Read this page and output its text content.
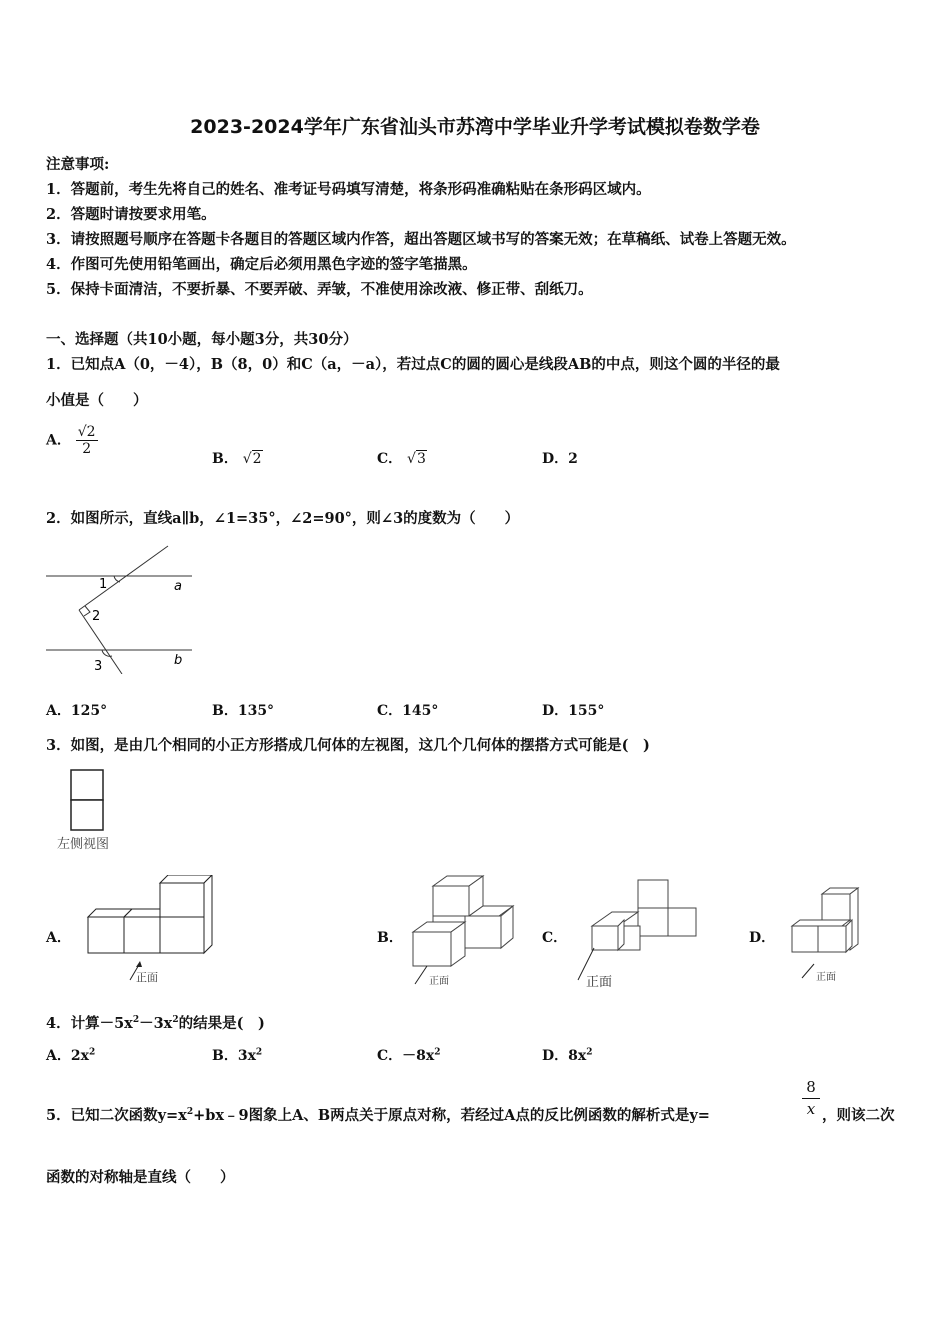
2023-2024学年广东省汕头市苏湾中学毕业升学考试模拟卷数学卷
注意事项:
1．答题前，考生先将自己的姓名、准考证号码填写清楚，将条形码准确粘贴在条形码区域内。
2．答题时请按要求用笔。
3．请按照题号顺序在答题卡各题目的答题区域内作答，超出答题区域书写的答案无效；在草稿纸、试卷上答题无效。
4．作图可先使用铅笔画出，确定后必须用黑色字迹的签字笔描黑。
5．保持卡面清洁，不要折暴、不要弄破、弄皱，不准使用涂改液、修正带、刮纸刀。
一、选择题（共10小题，每小题3分，共30分）
1．已知点A（0，－4），B（8，0）和C（a，－a），若过点C的圆的圆心是线段AB的中点，则这个圆的半径的最
小值是（　　）
A． $\frac{√2}{2}$
B． √2	C． √3	D．2
2．如图所示，直线a∥b，∠1=35°，∠2=90°，则∠3的度数为（　　）
1
2
3
a
b
A．125°	B．135°	C．145°	D．155°
3．如图，是由几个相同的小正方形搭成几何体的左视图，这几个几何体的摆搭方式可能是(　)
左侧视图
A．
正面
B．
正面
C．
正面
D．
正面
4．计算$-5x^2-3x^2$的结果是(　)
A．$2x^2$	B．$3x^2$	C．$-8x^2$	D．$8x^2$
5．已知二次函数$y=x^2+bx﹣9$图象上A、B两点关于原点对称，若经过A点的反比例函数的解析式是y=	$\frac{8}{x}$ ，则该二次
函数的对称轴是直线（　　）
